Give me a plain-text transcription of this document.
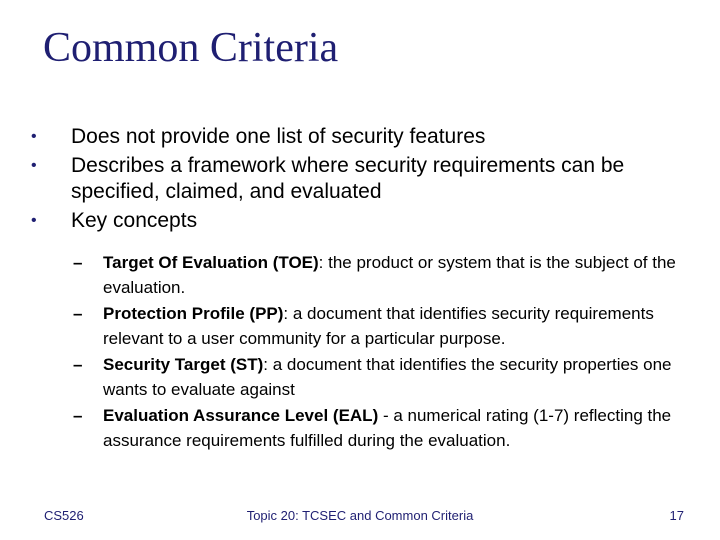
Common Criteria
• Does not provide one list of security features
• Describes a framework where security requirements can be specified, claimed, and evaluated
• Key concepts
– Target Of Evaluation (TOE): the product or system that is the subject of the evaluation.
– Protection Profile (PP): a document that identifies security requirements relevant to a user community for a particular purpose.
– Security Target (ST): a document that identifies the security properties one wants to evaluate against
– Evaluation Assurance Level (EAL) - a numerical rating (1-7) reflecting the assurance requirements fulfilled during the evaluation.
CS526	Topic 20: TCSEC and Common Criteria	17
